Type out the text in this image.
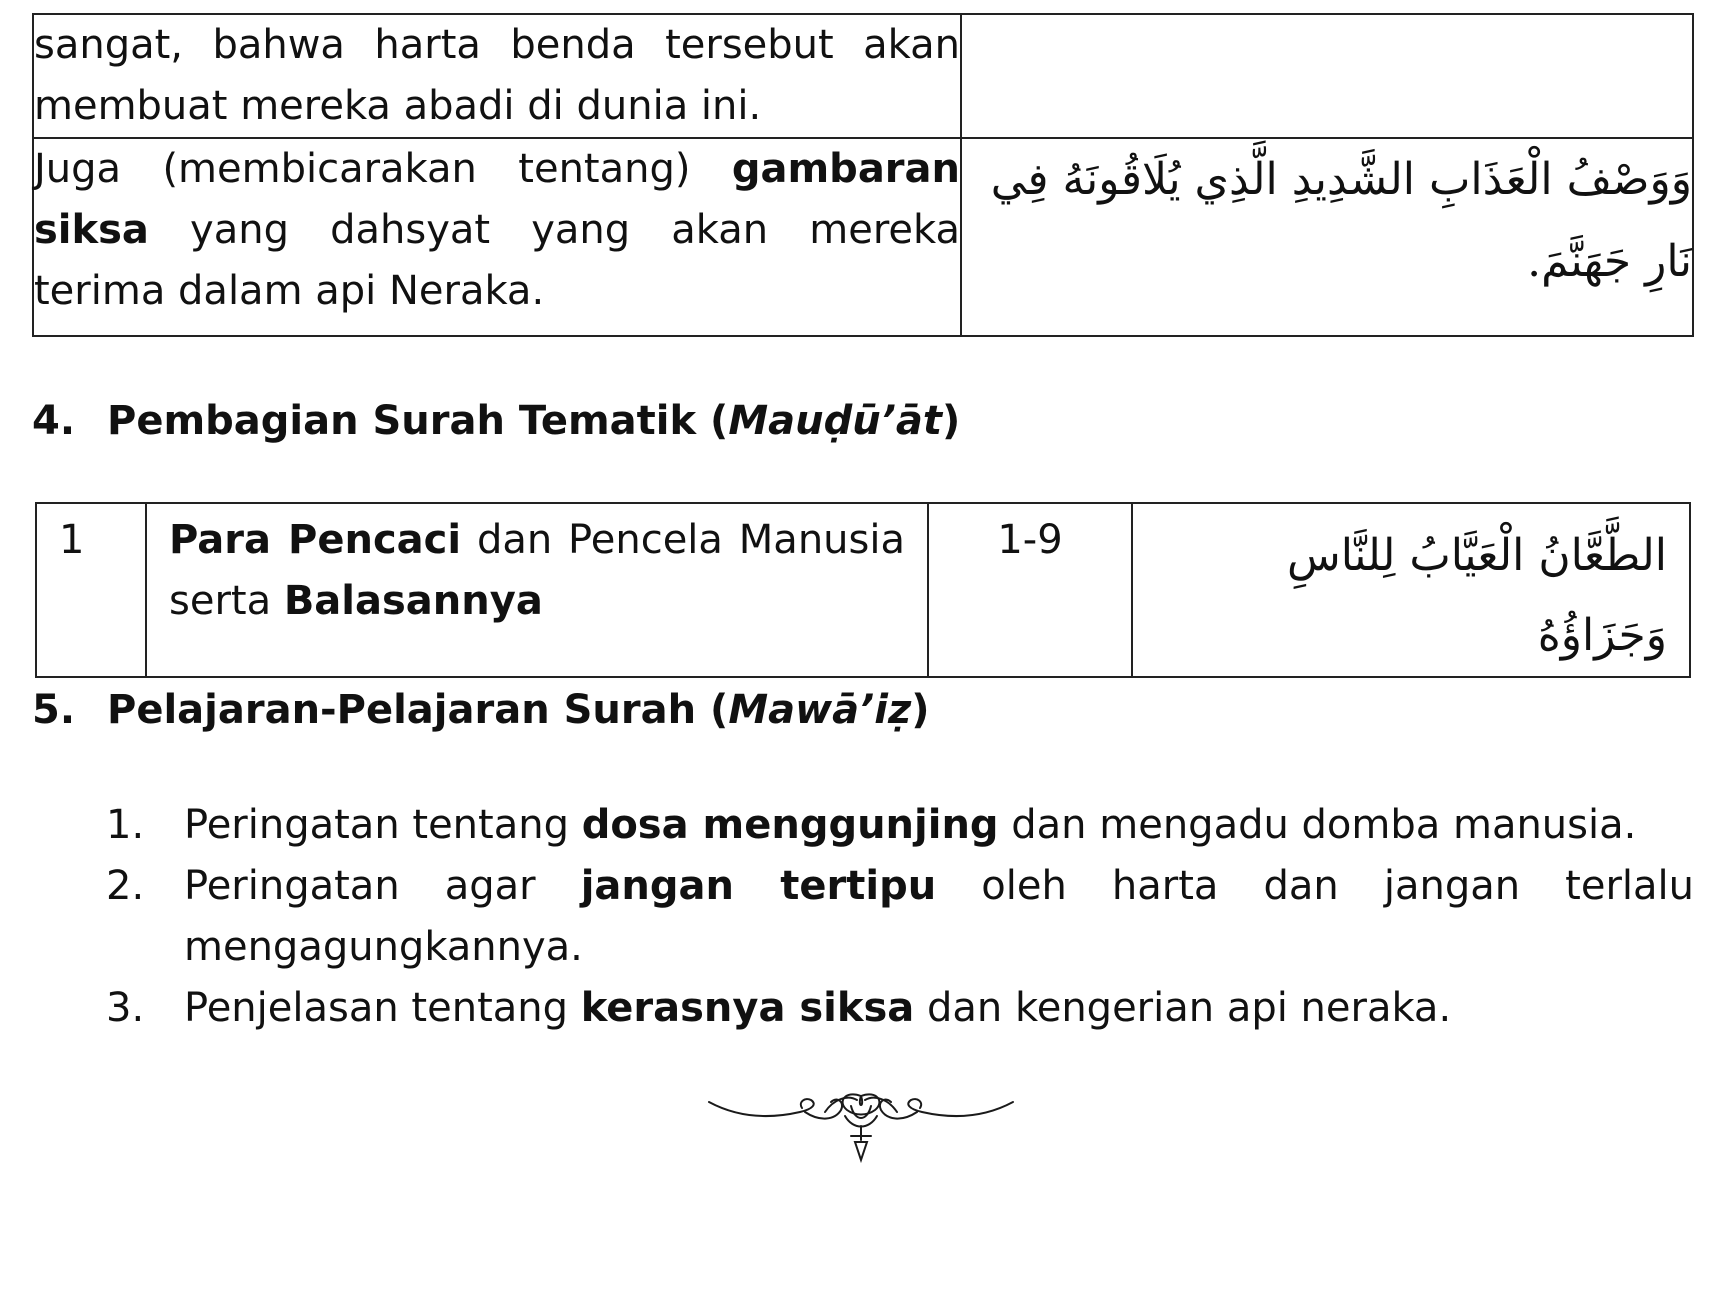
sangat, bahwa harta benda tersebut akan membuat mereka abadi di dunia ini.	
Juga (membicarakan tentang) gambaran siksa yang dahsyat yang akan mereka terima dalam api Neraka.	وَوَصْفُ الْعَذَابِ الشَّدِيدِ الَّذِي يُلَاقُونَهُ فِي نَارِ جَهَنَّمَ.
4. Pembagian Surah Tematik (Mauḍū’āt)
1	Para Pencaci dan Pencela Manusia serta Balasannya	1-9	الطَّعَّانُ الْعَيَّابُ لِلنَّاسِ وَجَزَاؤُهُ
5. Pelajaran-Pelajaran Surah (Mawā’iẓ)
1. Peringatan tentang dosa menggunjing dan mengadu domba manusia.
2. Peringatan agar jangan tertipu oleh harta dan jangan terlalu mengagungkannya.
3. Penjelasan tentang kerasnya siksa dan kengerian api neraka.
